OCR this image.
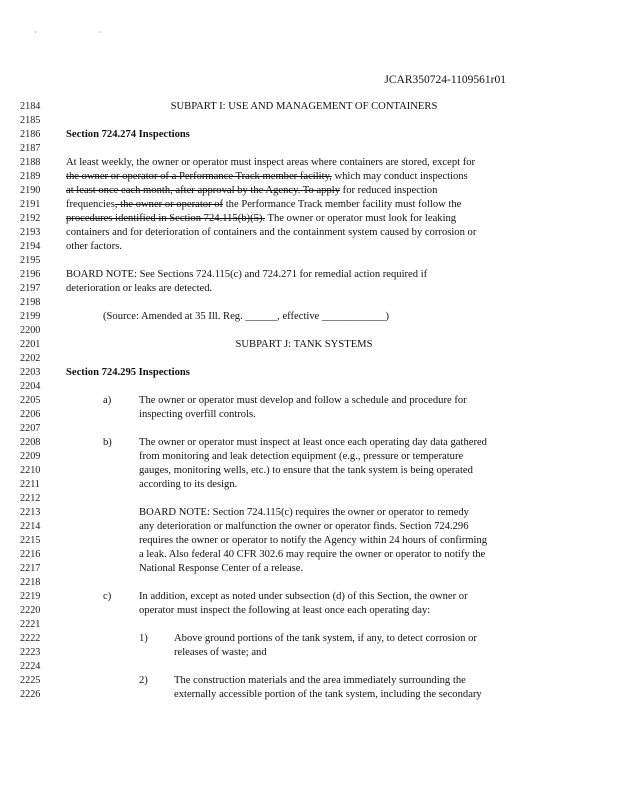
· ·
JCAR350724-1109561r01
2184
2185
2186
2187
2188
2189
2190
2191
2192
2193
2194
2195
2196
2197
2198
2199
2200
2201
2202
2203
2204
2205
2206
2207
2208
2209
2210
2211
2212
2213
2214
2215
2216
2217
2218
2219
2220
2221
2222
2223
2224
2225
2226
SUBPART I: USE AND MANAGEMENT OF CONTAINERS
Section 724.274 Inspections
At least weekly, the owner or operator must inspect areas where containers are stored, except for
the owner or operator of a Performance Track member facility, which may conduct inspections
at least once each month, after approval by the Agency. To apply for reduced inspection
frequencies, the owner or operator of the Performance Track member facility must follow the
procedures identified in Section 724.115(b)(5). The owner or operator must look for leaking
containers and for deterioration of containers and the containment system caused by corrosion or
other factors.
BOARD NOTE: See Sections 724.115(c) and 724.271 for remedial action required if
deterioration or leaks are detected.
(Source: Amended at 35 Ill. Reg. ______, effective ____________)
SUBPART J: TANK SYSTEMS
Section 724.295 Inspections
a)	The owner or operator must develop and follow a schedule and procedure for
inspecting overfill controls.
b)	The owner or operator must inspect at least once each operating day data gathered
from monitoring and leak detection equipment (e.g., pressure or temperature
gauges, monitoring wells, etc.) to ensure that the tank system is being operated
according to its design.
BOARD NOTE: Section 724.115(c) requires the owner or operator to remedy
any deterioration or malfunction the owner or operator finds. Section 724.296
requires the owner or operator to notify the Agency within 24 hours of confirming
a leak. Also federal 40 CFR 302.6 may require the owner or operator to notify the
National Response Center of a release.
c)	In addition, except as noted under subsection (d) of this Section, the owner or
operator must inspect the following at least once each operating day:
1) Above ground portions of the tank system, if any, to detect corrosion or
releases of waste; and
2) The construction materials and the area immediately surrounding the
externally accessible portion of the tank system, including the secondary
